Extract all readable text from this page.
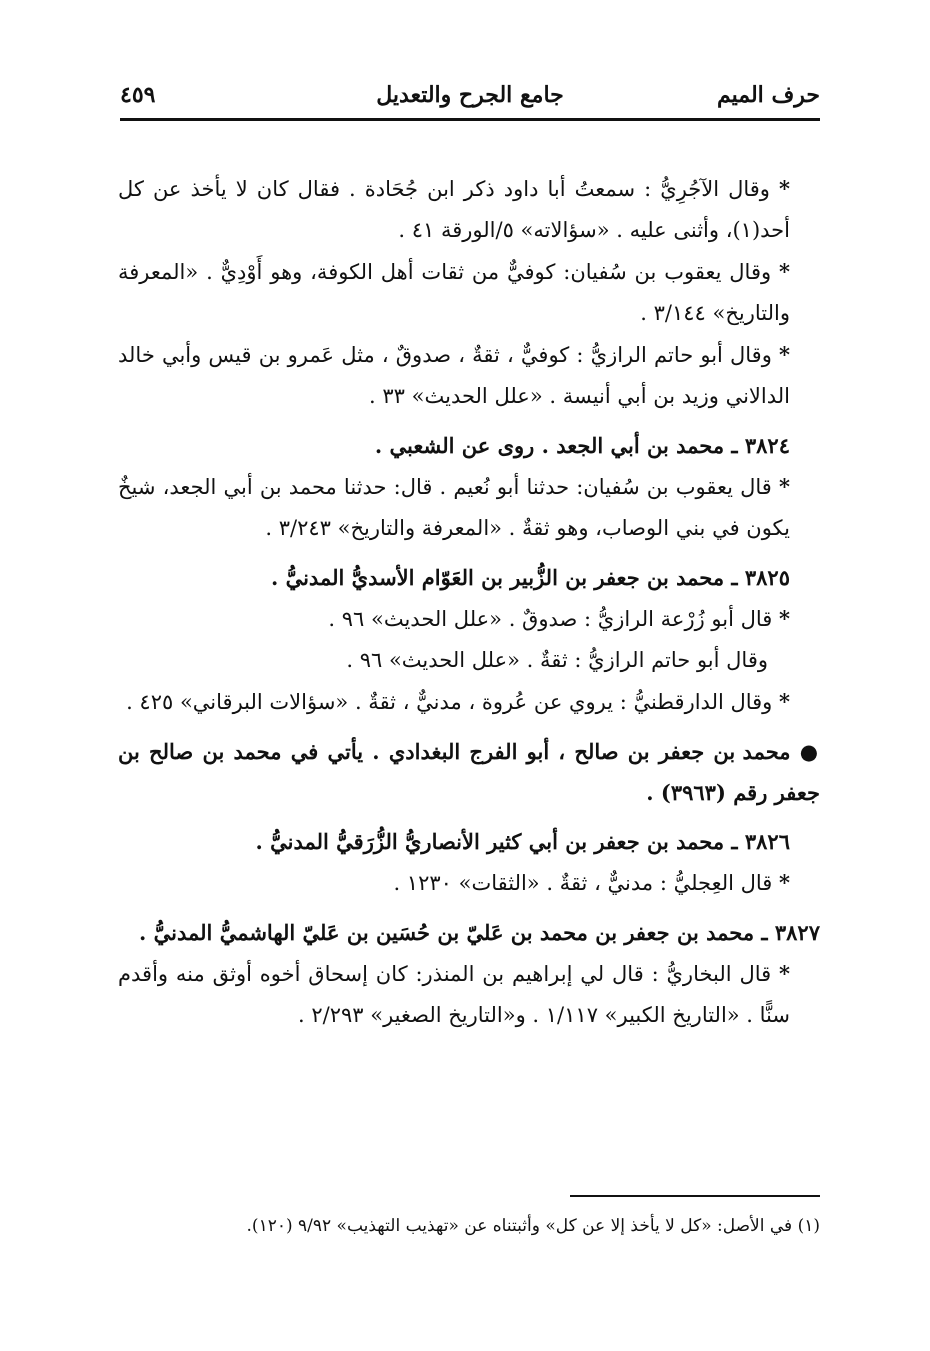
حرف الميم
جامع الجرح والتعديل
٤٥٩

* وقال الآجُرِيُّ : سمعتُ أبا داود ذكر ابن جُحَادة . فقال كان لا يأخذ عن كل أحد(١)، وأثنى عليه . «سؤالاته» ٥/الورقة ٤١ .

* وقال يعقوب بن سُفيان: كوفيٌّ من ثقات أهل الكوفة، وهو أَوْدِيٌّ . «المعرفة والتاريخ» ٣/١٤٤ .

* وقال أبو حاتم الرازيُّ : كوفيٌّ ، ثقةٌ ، صدوقٌ ، مثل عَمرو بن قيس وأبي خالد الدالاني وزيد بن أبي أنيسة . «علل الحديث» ٣٣ .

٣٨٢٤ ـ محمد بن أبي الجعد . روى عن الشعبي .

* قال يعقوب بن سُفيان: حدثنا أبو نُعيم . قال: حدثنا محمد بن أبي الجعد، شيخٌ يكون في بني الوصاب، وهو ثقةٌ . «المعرفة والتاريخ» ٣/٢٤٣ .

٣٨٢٥ ـ محمد بن جعفر بن الزُّبير بن العَوّام الأسديُّ المدنيُّ .

* قال أبو زُرْعة الرازيُّ : صدوقٌ . «علل الحديث» ٩٦ .

وقال أبو حاتم الرازيُّ : ثقةٌ . «علل الحديث» ٩٦ .

* وقال الدارقطنيُّ : يروي عن عُروة ، مدنيٌّ ، ثقةٌ . «سؤالات البرقاني» ٤٢٥ .

● محمد بن جعفر بن صالح ، أبو الفرج البغدادي . يأتي في محمد بن صالح بن جعفر رقم (٣٩٦٣) .

٣٨٢٦ ـ محمد بن جعفر بن أبي كثير الأنصاريُّ الزُّرَقيُّ المدنيُّ .

* قال العِجليُّ : مدنيٌّ ، ثقةٌ . «الثقات» ١٢٣٠ .

٣٨٢٧ ـ محمد بن جعفر بن محمد بن عَليّ بن حُسَين بن عَليّ الهاشميُّ المدنيُّ .

* قال البخاريُّ : قال لي إبراهيم بن المنذر: كان إسحاق أخوه أوثق منه وأقدم سنًّا . «التاريخ الكبير» ١/١١٧ . و«التاريخ الصغير» ٢/٢٩٣ .

(١) في الأصل: «كل لا يأخذ إلا عن كل» وأثبتناه عن «تهذيب التهذيب» ٩/٩٢ (١٢٠).
